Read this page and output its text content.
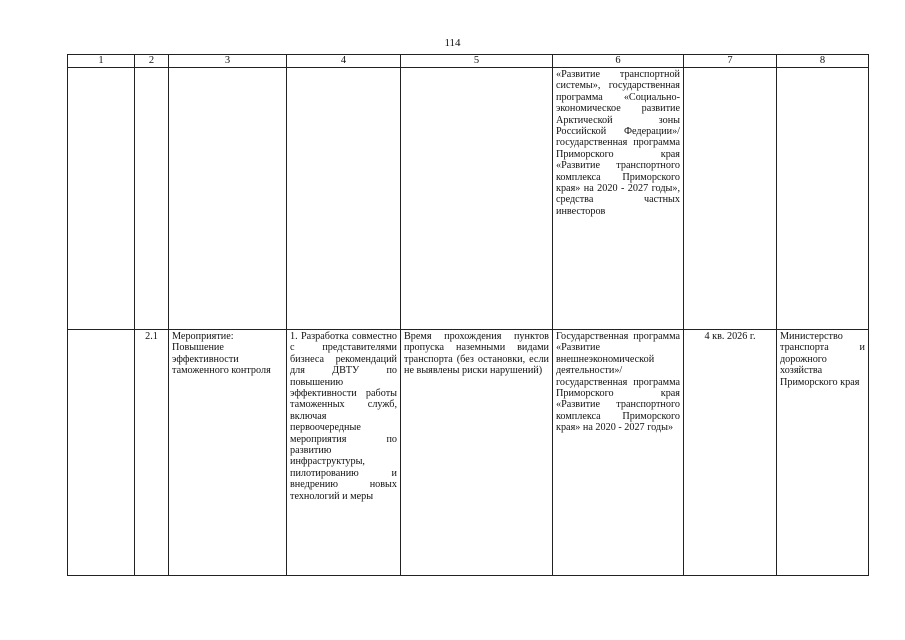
114
1	2	3	4	5	6	7	8
					«Развитие транспортной системы», государственная программа «Социально-экономическое развитие Арктической зоны Российской Федерации»/государственная программа Приморского края «Развитие транспортного комплекса Приморского края» на 2020 - 2027 годы», средства частных инвесторов		
	2.1	Мероприятие: Повышение эффективности таможенного контроля	1. Разработка совместно с представителями бизнеса рекомендаций для ДВТУ по повышению эффективности работы таможенных служб, включая первоочередные мероприятия по развитию инфраструктуры, пилотированию и внедрению новых технологий и меры	Время прохождения пунктов пропуска наземными видами транспорта (без остановки, если не выявлены риски нарушений)	Государственная программа «Развитие внешнеэкономической деятельности»/государственная программа Приморского края «Развитие транспортного комплекса Приморского края» на 2020 - 2027 годы»	4 кв. 2026 г.	Министерство транспорта и дорожного хозяйства Приморского края
